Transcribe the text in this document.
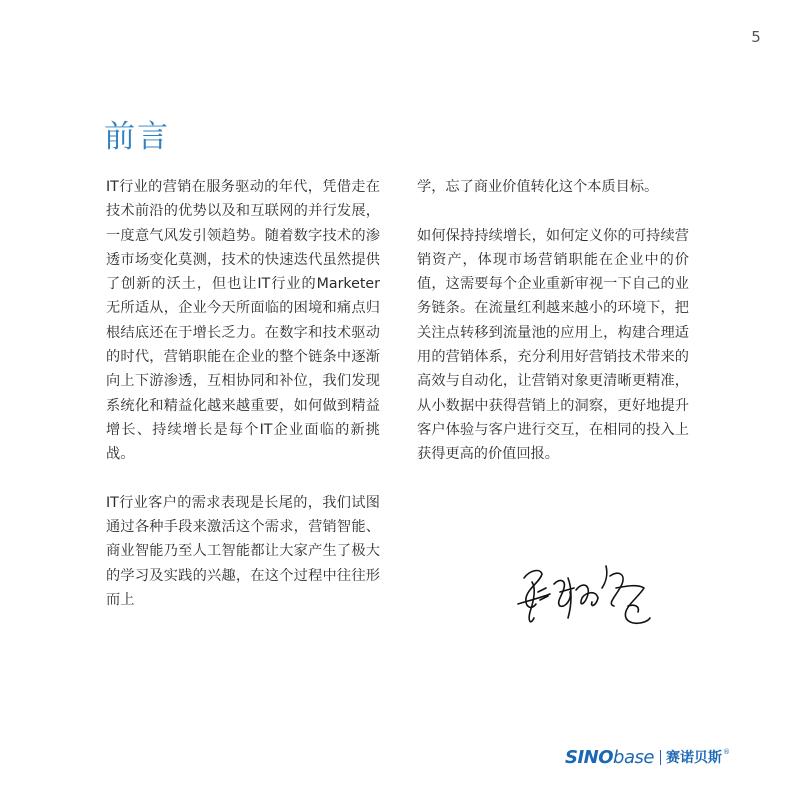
5
前言

IT行业的营销在服务驱动的年代，凭借走在技术前沿的优势以及和互联网的并行发展，一度意气风发引领趋势。随着数字技术的渗透市场变化莫测，技术的快速迭代虽然提供了创新的沃土，但也让IT行业的Marketer无所适从，企业今天所面临的困境和痛点归根结底还在于增长乏力。在数字和技术驱动的时代，营销职能在企业的整个链条中逐渐向上下游渗透，互相协同和补位，我们发现系统化和精益化越来越重要，如何做到精益增长、持续增长是每个IT企业面临的新挑战。

IT行业客户的需求表现是长尾的，我们试图通过各种手段来激活这个需求，营销智能、商业智能乃至人工智能都让大家产生了极大的学习及实践的兴趣，在这个过程中往往形而上

学，忘了商业价值转化这个本质目标。

如何保持持续增长，如何定义你的可持续营销资产，体现市场营销职能在企业中的价值，这需要每个企业重新审视一下自己的业务链条。在流量红利越来越小的环境下，把关注点转移到流量池的应用上，构建合理适用的营销体系，充分利用好营销技术带来的高效与自动化，让营销对象更清晰更精准，从小数据中获得营销上的洞察，更好地提升客户体验与客户进行交互，在相同的投入上获得更高的价值回报。

SINO base 赛诺贝斯 ®
